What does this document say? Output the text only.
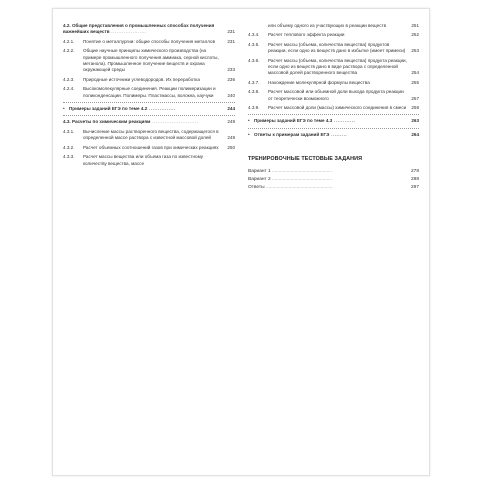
4.2. Общие представления о промышленных способах получения важнейших веществ ....................	231
4.2.1.	Понятие о металлургии: общие способы получения металлов	231
4.2.2.	Общие научные принципы химического производства (на примере промышленного получения аммиака, серной кислоты, метанола). Промышленное получение веществ и охрана окружающей среды	233
4.2.3.	Природные источники углеводородов. Их переработка	236
4.2.4.	Высокомолекулярные соединения. Реакции полимеризации и поликонденсации. Полимеры. Пластмассы, волокна, каучуки	240
• Примеры заданий ЕГЭ по теме 4.2 ...............	244
4.3. Расчеты по химическим реакциям ..........................	249
4.3.1.	Вычисление массы растворенного вещества, содержащегося в определенной массе раствора с известной массовой долей	249
4.3.2.	Расчет объемных соотношений газов при химических реакциях	250
4.3.3.	Расчет массы вещества или объема газа по известному количеству вещества, массе
или объему одного из участвующих в реакции веществ	251
4.3.4.	Расчет теплового эффекта реакции	252
4.3.5.	Расчет массы (объема, количества вещества) продуктов реакции, если одно из веществ дано в избытке (имеет примеси)	253
4.3.6.	Расчет массы (объема, количества вещества) продукта реакции, если одно из веществ дано в виде раствора с определенной массовой долей растворенного вещества	254
4.3.7.	Нахождение молекулярной формулы вещества	255
4.3.8.	Расчет массовой или объемной доли выхода продукта реакции от теоретически возможного	257
4.3.9.	Расчет массовой доли (массы) химического соединения в смеси 258
• Примеры заданий ЕГЭ по теме 4.3 ............	263
• Ответы к примерам заданий ЕГЭ .........	264
ТРЕНИРОВОЧНЫЕ ТЕСТОВЫЕ ЗАДАНИЯ
Вариант 1 .............................................	278
Вариант 2 .............................................	288
Ответы ..................................................	297
